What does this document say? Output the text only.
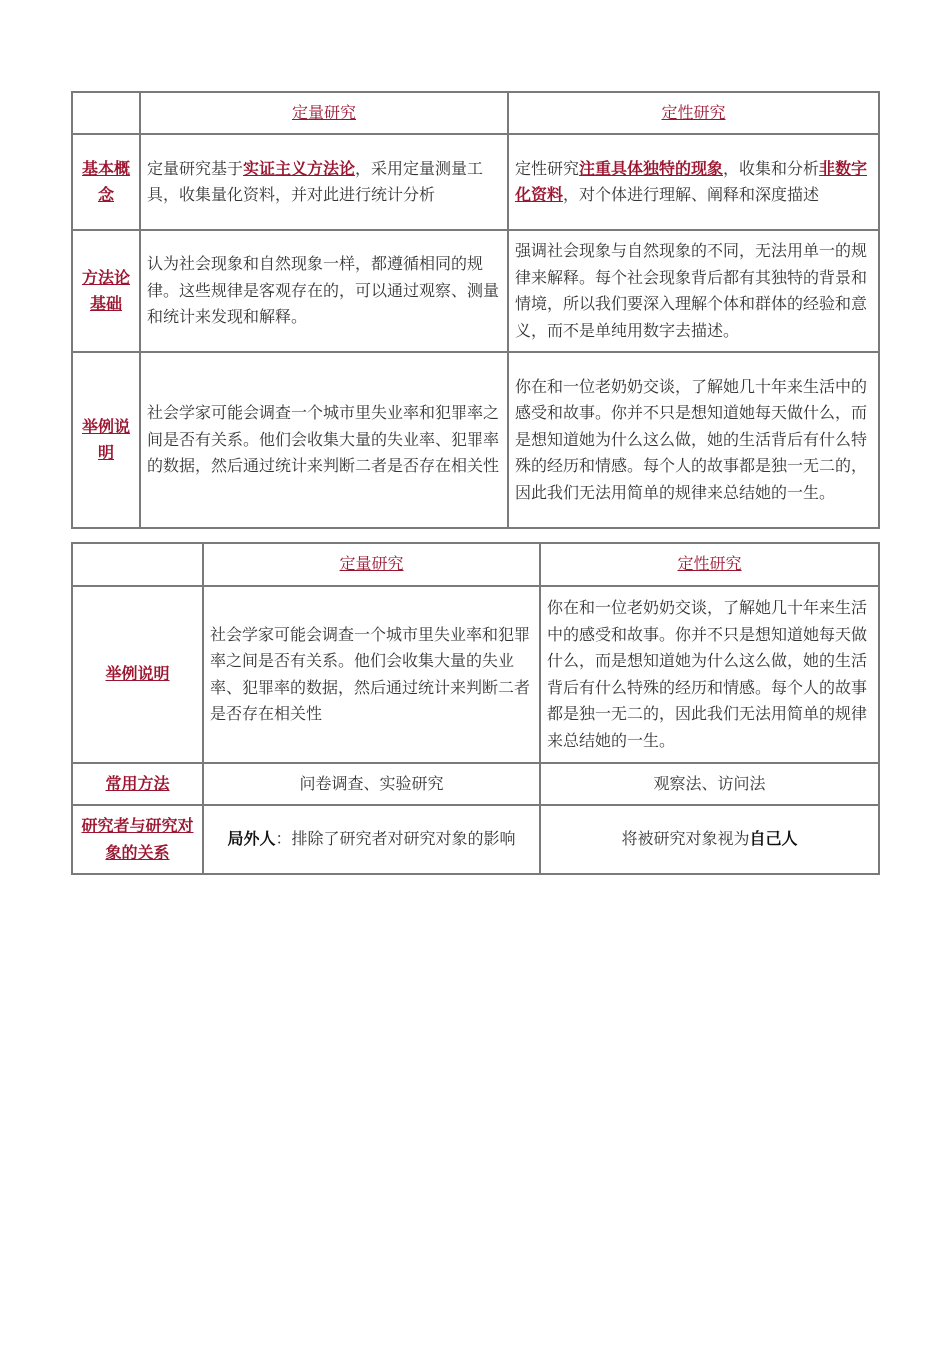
	定量研究	定性研究
基本概念	定量研究基于实证主义方法论，采用定量测量工具，收集量化资料，并对此进行统计分析	定性研究注重具体独特的现象，收集和分析非数字化资料，对个体进行理解、阐释和深度描述
方法论基础	认为社会现象和自然现象一样，都遵循相同的规律。这些规律是客观存在的，可以通过观察、测量和统计来发现和解释。	强调社会现象与自然现象的不同，无法用单一的规律来解释。每个社会现象背后都有其独特的背景和情境，所以我们要深入理解个体和群体的经验和意义，而不是单纯用数字去描述。
举例说明	社会学家可能会调查一个城市里失业率和犯罪率之间是否有关系。他们会收集大量的失业率、犯罪率的数据，然后通过统计来判断二者是否存在相关性	你在和一位老奶奶交谈，了解她几十年来生活中的感受和故事。你并不只是想知道她每天做什么，而是想知道她为什么这么做，她的生活背后有什么特殊的经历和情感。每个人的故事都是独一无二的，因此我们无法用简单的规律来总结她的一生。
	定量研究	定性研究
举例说明	社会学家可能会调查一个城市里失业率和犯罪率之间是否有关系。他们会收集大量的失业率、犯罪率的数据，然后通过统计来判断二者是否存在相关性	你在和一位老奶奶交谈，了解她几十年来生活中的感受和故事。你并不只是想知道她每天做什么，而是想知道她为什么这么做，她的生活背后有什么特殊的经历和情感。每个人的故事都是独一无二的，因此我们无法用简单的规律来总结她的一生。
常用方法	问卷调查、实验研究	观察法、访问法
研究者与研究对象的关系	局外人：排除了研究者对研究对象的影响	将被研究对象视为自己人
